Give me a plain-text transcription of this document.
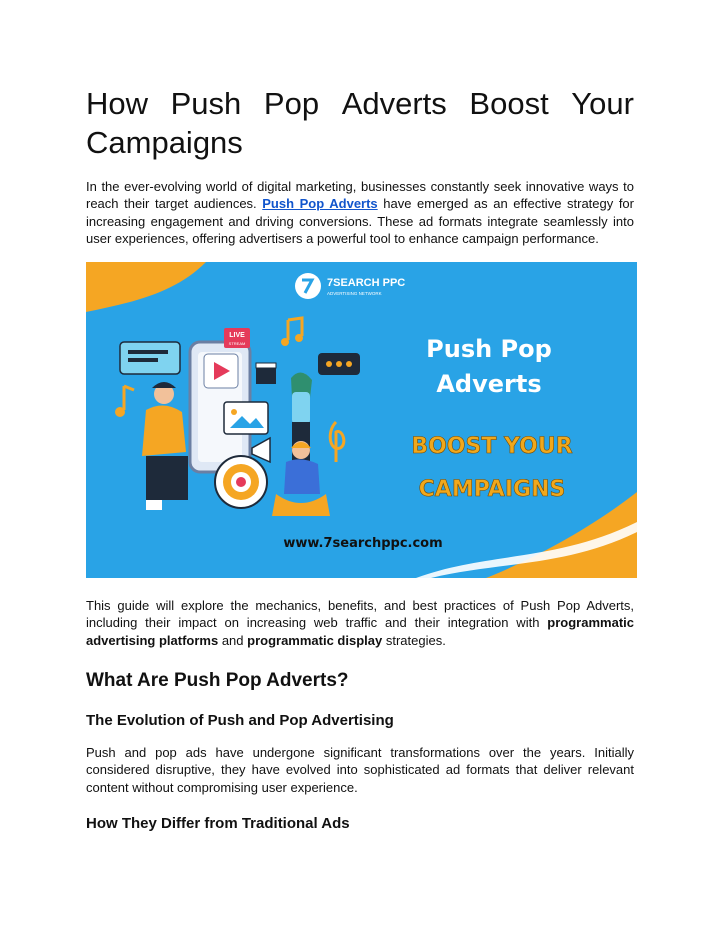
How Push Pop Adverts Boost Your
Campaigns

In the ever-evolving world of digital marketing, businesses constantly seek innovative ways to reach their target audiences. Push Pop Adverts have emerged as an effective strategy for increasing engagement and driving conversions. These ad formats integrate seamlessly into user experiences, offering advertisers a powerful tool to enhance campaign performance.

This guide will explore the mechanics, benefits, and best practices of Push Pop Adverts, including their impact on increasing web traffic and their integration with programmatic advertising platforms and programmatic display strategies.

What Are Push Pop Adverts?
The Evolution of Push and Pop Advertising

Push and pop ads have undergone significant transformations over the years. Initially considered disruptive, they have evolved into sophisticated ad formats that deliver relevant content without compromising user experience.

How They Differ from Traditional Ads
7SEARCH PPC
ADVERTISING NETWORK
Push Pop
Adverts
BOOST YOUR
CAMPAIGNS
www.7searchppc.com
LIVE
STREAM
